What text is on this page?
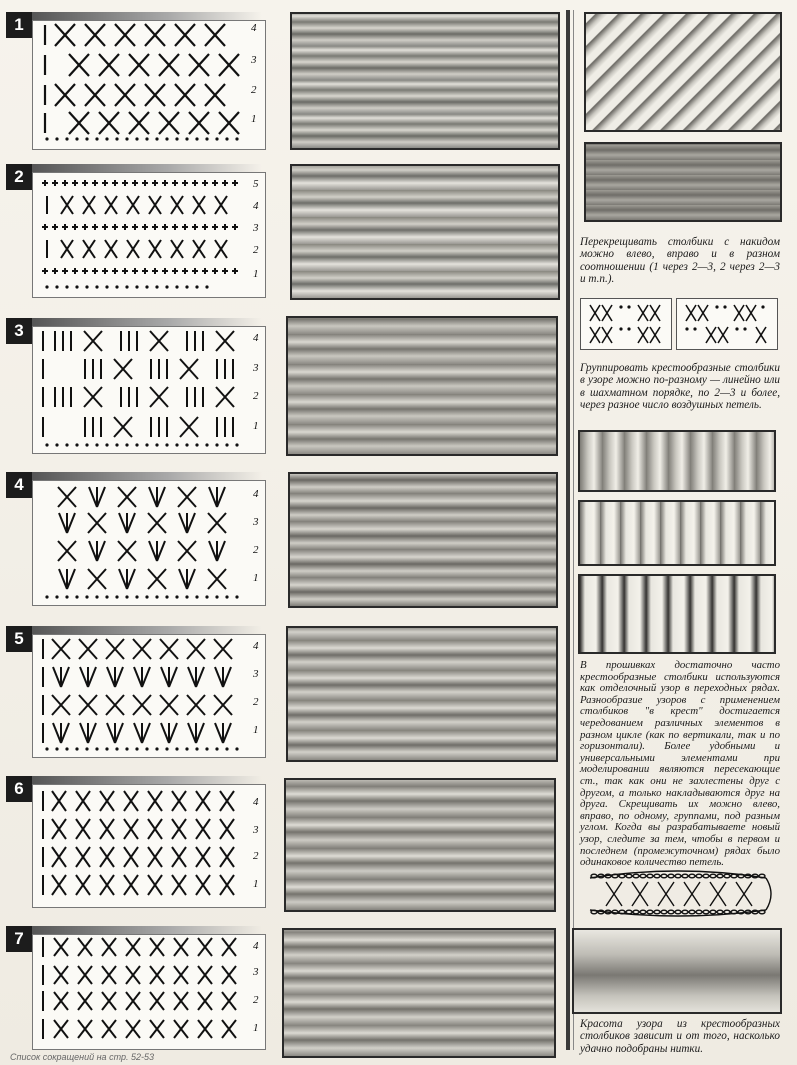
1	4
3
2
1
2	5
4
3
2
1
3	4
3
2
1
4	4
3
2
1
5	4
3
2
1
6
4
3
2
1
7	4
3
2
1
Перекрещивать столбики с накидом можно влево, вправо и в разном соотношении (1 через 2—3, 2 через 2—3 и т.п.).
Группировать крестообразные столбики в узоре можно по-разному — линейно или в шахматном порядке, по 2—3 и более, через разное число воздушных петель.
В прошивках достаточно часто крестообразные столбики используются как отделочный узор в переходных рядах. Разнообразие узоров с применением столбиков "в крест" достигается чередованием различных элементов в разном цикле (как по вертикали, так и по горизонтали). Более удобными и универсальными элементами при моделировании являются пересекающие ст., так как они не захлестены друг с другом, а только накладываются друг на друга. Скрещивать их можно влево, вправо, по одному, группами, под разным углом. Когда вы разрабатываете новый узор, следите за тем, чтобы в первом и последнем (промежуточном) рядах было одинаковое количество петель.
Красота узора из крестообразных столбиков зависит и от того, насколько удачно подобраны нитки.
Список сокращений на стр. 52-53
